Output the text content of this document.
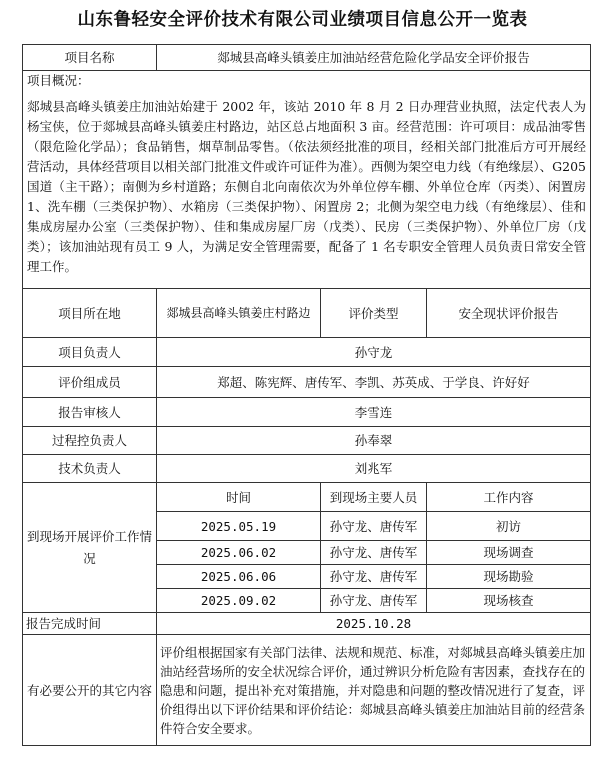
山东鲁轻安全评价技术有限公司业绩项目信息公开一览表
项目名称	郯城县高峰头镇姜庄加油站经营危险化学品安全评价报告		

项目概况：
郯城县高峰头镇姜庄加油站始建于 2002 年，该站 2010 年 8 月 2 日办理营业执照，法定代表人为杨宝侠，位于郯城县高峰头镇姜庄村路边，站区总占地面积 3 亩。经营范围：许可项目：成品油零售（限危险化学品）；食品销售，烟草制品零售。（依法须经批准的项目，经相关部门批准后方可开展经营活动，具体经营项目以相关部门批准文件或许可证件为准）。西侧为架空电力线（有绝缘层）、G205 国道（主干路）；南侧为乡村道路；东侧自北向南依次为外单位停车棚、外单位仓库（丙类）、闲置房 1、洗车棚（三类保护物）、水箱房（三类保护物）、闲置房 2；北侧为架空电力线（有绝缘层）、佳和集成房屋办公室（三类保护物）、佳和集成房屋厂房（戊类）、民房（三类保护物）、外单位厂房（戊类）；该加油站现有员工 9 人，为满足安全管理需要，配备了 1 名专职安全管理人员负责日常安全管理工作。			

项目所在地	郯城县高峰头镇姜庄村路边	评价类型	安全现状评价报告
项目负责人	孙守龙		
评价组成员	郑超、陈宪辉、唐传军、李凯、苏英成、于学良、许好好		
报告审核人	李雪连		
过程控负责人	孙奉翠		
技术负责人	刘兆军		
到现场开展评价工作情况	时间	到现场主要人员	工作内容
	2025.05.19	孙守龙、唐传军	初访
	2025.06.02	孙守龙、唐传军	现场调查
	2025.06.06	孙守龙、唐传军	现场勘验
	2025.09.02	孙守龙、唐传军	现场核查
报告完成时间	2025.10.28		
有必要公开的其它内容	评价组根据国家有关部门法律、法规和规范、标准，对郯城县高峰头镇姜庄加油站经营场所的安全状况综合评价，通过辨识分析危险有害因素，查找存在的隐患和问题，提出补充对策措施，并对隐患和问题的整改情况进行了复查，评价组得出以下评价结果和评价结论：郯城县高峰头镇姜庄加油站目前的经营条件符合安全要求。		
